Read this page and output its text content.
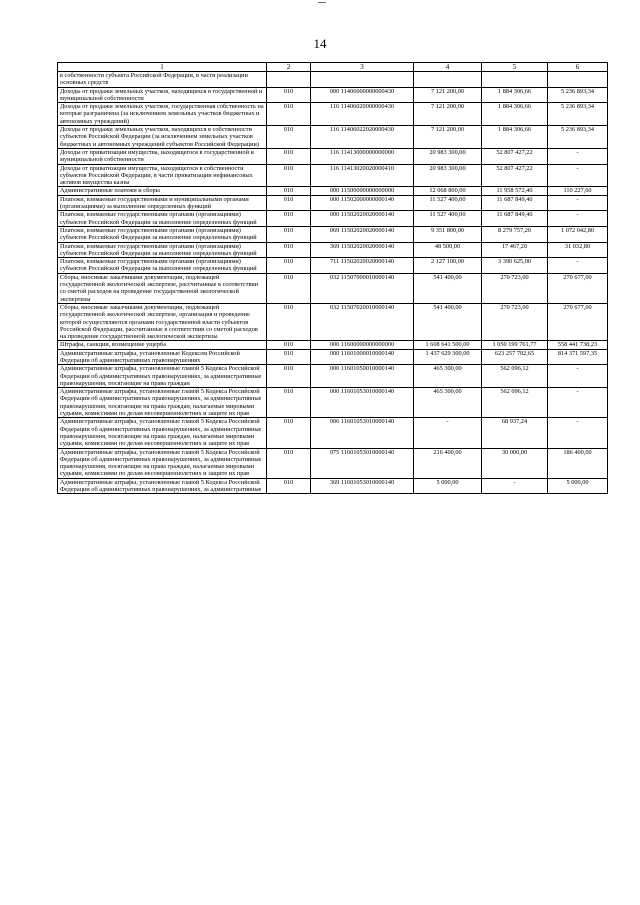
14
1	2	3	4	5	6
в собственности субъекта Российской Федерации, в части реализации основных средств					
Доходы от продажи земельных участков, находящихся в государственной и муниципальной собственности	010	000 11406000000000430	7 121 200,00	1 884 306,66	5 236 893,34
Доходы от продажи земельных участков, государственная собственность на которые разграничена (за исключением земельных участков бюджетных и автономных учреждений)	010	116 11406020000000430	7 121 200,00	1 884 306,66	5 236 893,34
Доходы от продажи земельных участков, находящихся в собственности субъектов Российской Федерации (за исключением земельных участков бюджетных и автономных учреждений субъектов Российской Федерации)	010	116 11406022020000430	7 121 200,00	1 884 306,66	5 236 893,34
Доходы от приватизации имущества, находящегося в государственной и муниципальной собственности	010	116 11413000000000000	20 983 300,00	52 807 427,22	-
Доходы от приватизации имущества, находящегося в собственности субъектов Российской Федерации, в части приватизации нефинансовых активов имущества казны	010	116 11413020020000410	20 983 300,00	52 807 427,22	-
Административные платежи и сборы	010	000 11500000000000000	12 068 800,00	11 958 572,40	110 227,60
Платежи, взимаемые государственными и муниципальными органами (организациями) за выполнение определенных функций	010	000 11502000000000140	11 527 400,00	11 687 849,40	-
Платежи, взимаемые государственными органами (организациями) субъектов Российской Федерации за выполнение определенных функций	010	000 11502020020000140	11 527 400,00	11 687 849,40	-
Платежи, взимаемые государственными органами (организациями) субъектов Российской Федерации за выполнение определенных функций	010	069 11502020020000140	9 351 800,00	8 279 757,20	1 072 042,80
Платежи, взимаемые государственными органами (организациями) субъектов Российской Федерации за выполнение определенных функций	010	369 11502020020000140	48 500,00	17 467,20	31 032,80
Платежи, взимаемые государственными органами (организациями) субъектов Российской Федерации за выполнение определенных функций	010	711 11502020020000140	2 127 100,00	3 390 625,00	-
Сборы, вносимые заказчиками документации, подлежащей государственной экологической экспертизе, рассчитанные в соответствии со сметой расходов на проведение государственной экологической экспертизы	010	032 11507000010000140	541 400,00	270 723,00	270 677,00
Сборы, вносимые заказчиками документации, подлежащей государственной экологической экспертизе, организация и проведение которой осуществляются органами государственной власти субъектов Российской Федерации, рассчитанные в соответствии со сметой расходов на проведение государственной экологической экспертизы	010	032 11507020010000140	541 400,00	270 723,00	270 677,00
Штрафы, санкции, возмещение ущерба	010	000 11600000000000000	1 608 641 500,00	1 050 199 761,77	558 441 738,23
Административные штрафы, установленные Кодексом Российской Федерации об административных правонарушениях	010	000 11601000010000140	1 437 629 300,00	623 257 702,65	814 371 597,35
Административные штрафы, установленные главой 5 Кодекса Российской Федерации об административных правонарушениях, за административные правонарушения, посягающие на права граждан	010	000 11601050010000140	465 300,00	562 096,12	-
Административные штрафы, установленные главой 5 Кодекса Российской Федерации об административных правонарушениях, за административные правонарушения, посягающие на права граждан, налагаемые мировыми судьями, комиссиями по делам несовершеннолетних и защите их прав	010	000 11601053010000140	465 300,00	562 096,12	-
Административные штрафы, установленные главой 5 Кодекса Российской Федерации об административных правонарушениях, за административные правонарушения, посягающие на права граждан, налагаемые мировыми судьями, комиссиями по делам несовершеннолетних и защите их прав	010	006 11601053010000140	-	68 937,24	-
Административные штрафы, установленные главой 5 Кодекса Российской Федерации об административных правонарушениях, за административные правонарушения, посягающие на права граждан, налагаемые мировыми судьями, комиссиями по делам несовершеннолетних и защите их прав	010	075 11601053010000140	216 400,00	30 000,00	186 400,00
Административные штрафы, установленные главой 5 Кодекса Российской Федерации об административных правонарушениях, за административные	010	369 11601053010000140	5 000,00	-	5 000,00
